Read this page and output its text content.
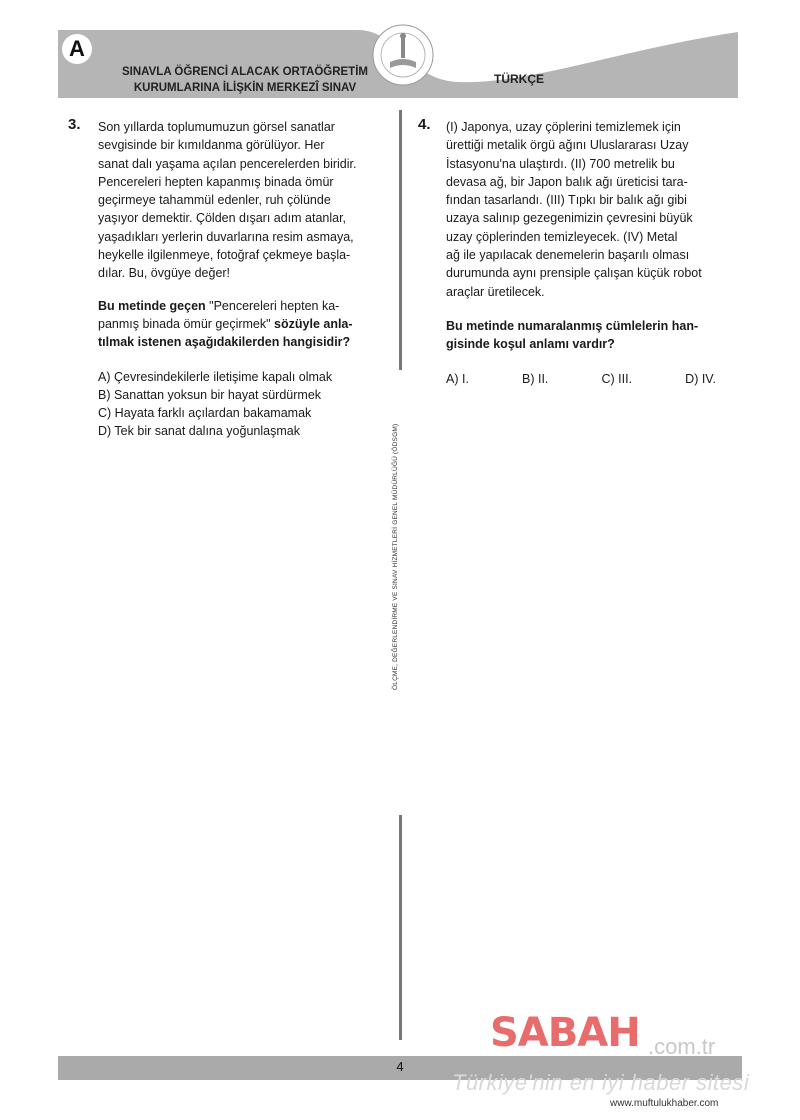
A
SINAVLA ÖĞRENCİ ALACAK ORTAÖĞRETİM
KURUMLARINA İLİŞKİN MERKEZÎ SINAV
TÜRKÇE
ÖLÇME, DEĞERLENDİRME VE SINAV HİZMETLERİ GENEL MÜDÜRLÜĞÜ (ÖDSGM)
3. Son yıllarda toplumumuzun görsel sanatlar

sevgisinde bir kımıldanma görülüyor. Her

sanat dalı yaşama açılan pencerelerden biridir.

Pencereleri hepten kapanmış binada ömür

geçirmeye tahammül edenler, ruh çölünde

yaşıyor demektir. Çölden dışarı adım atanlar,

yaşadıkları yerlerin duvarlarına resim asmaya,

heykelle ilgilenmeye, fotoğraf çekmeye başla-

dılar. Bu, övgüye değer!

Bu metinde geçen "Pencereleri hepten ka-

panmış binada ömür geçirmek" sözüyle anla-

tılmak istenen aşağıdakilerden hangisidir?

A) Çevresindekilerle iletişime kapalı olmak

B) Sanattan yoksun bir hayat sürdürmek

C) Hayata farklı açılardan bakamamak

D) Tek bir sanat dalına yoğunlaşmak

4. (I) Japonya, uzay çöplerini temizlemek için

ürettiği metalik örgü ağını Uluslararası Uzay

İstasyonu'na ulaştırdı. (II) 700 metrelik bu

devasa ağ, bir Japon balık ağı üreticisi tara-

fından tasarlandı. (III) Tıpkı bir balık ağı gibi

uzaya salınıp gezegenimizin çevresini büyük

uzay çöplerinden temizleyecek. (IV) Metal

ağ ile yapılacak denemelerin başarılı olması

durumunda aynı prensiple çalışan küçük robot

araçlar üretilecek.

Bu metinde numaralanmış cümlelerin han-

gisinde koşul anlamı vardır?

A) I.	B) II.	C) III.	D) IV.
4
SABAH .com.tr
Türkiye'nin en iyi haber sitesi
www.muftulukhaber.com
